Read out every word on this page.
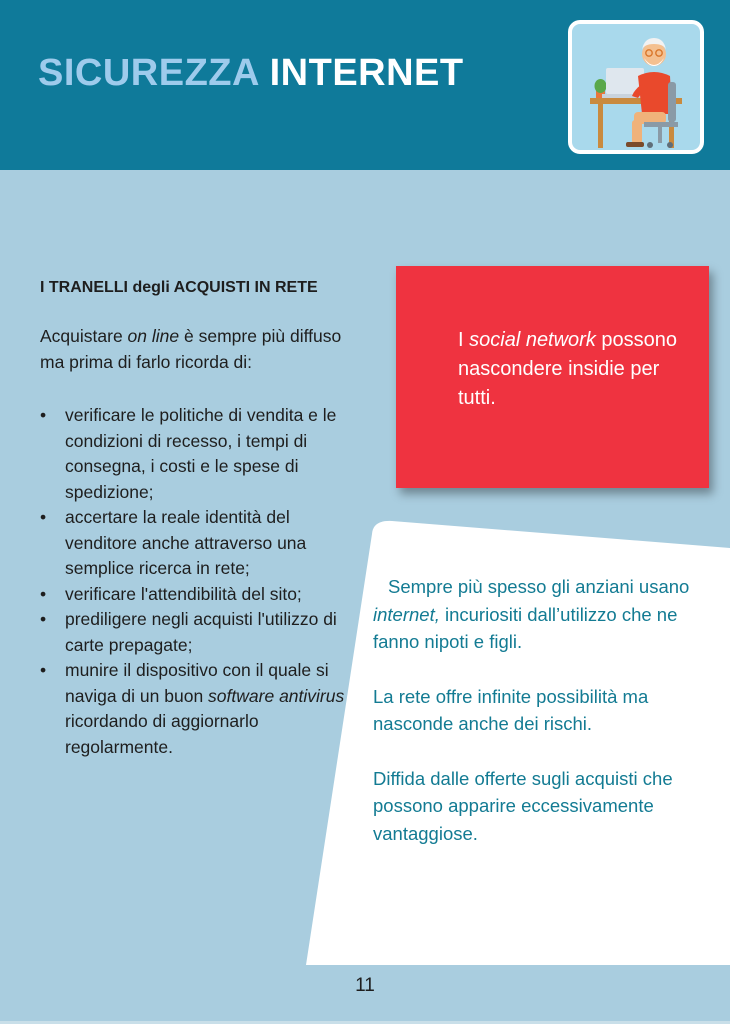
SICUREZZA INTERNET
I TRANELLI degli ACQUISTI IN RETE

Acquistare on line è sempre più diffuso ma prima di farlo ricorda di:

• verificare le politiche di vendita e le condizioni di recesso, i tempi di consegna, i costi e le spese di spedizione;
• accertare la reale identità del venditore anche attraverso una semplice ricerca in rete;
• verificare l'attendibilità del sito;
• prediligere negli acquisti l'utilizzo di carte prepagate;
• munire il dispositivo con il quale si naviga di un buon software antivirus ricordando di aggiornarlo regolarmente.
I social network possono nascondere insidie per tutti.

Sempre più spesso gli anziani usano internet, incuriositi dall’utilizzo che ne fanno nipoti e figli.

La rete offre infinite possibilità ma nasconde anche dei rischi.

Diffida dalle offerte sugli acquisti che possono apparire eccessivamente vantaggiose.

11
